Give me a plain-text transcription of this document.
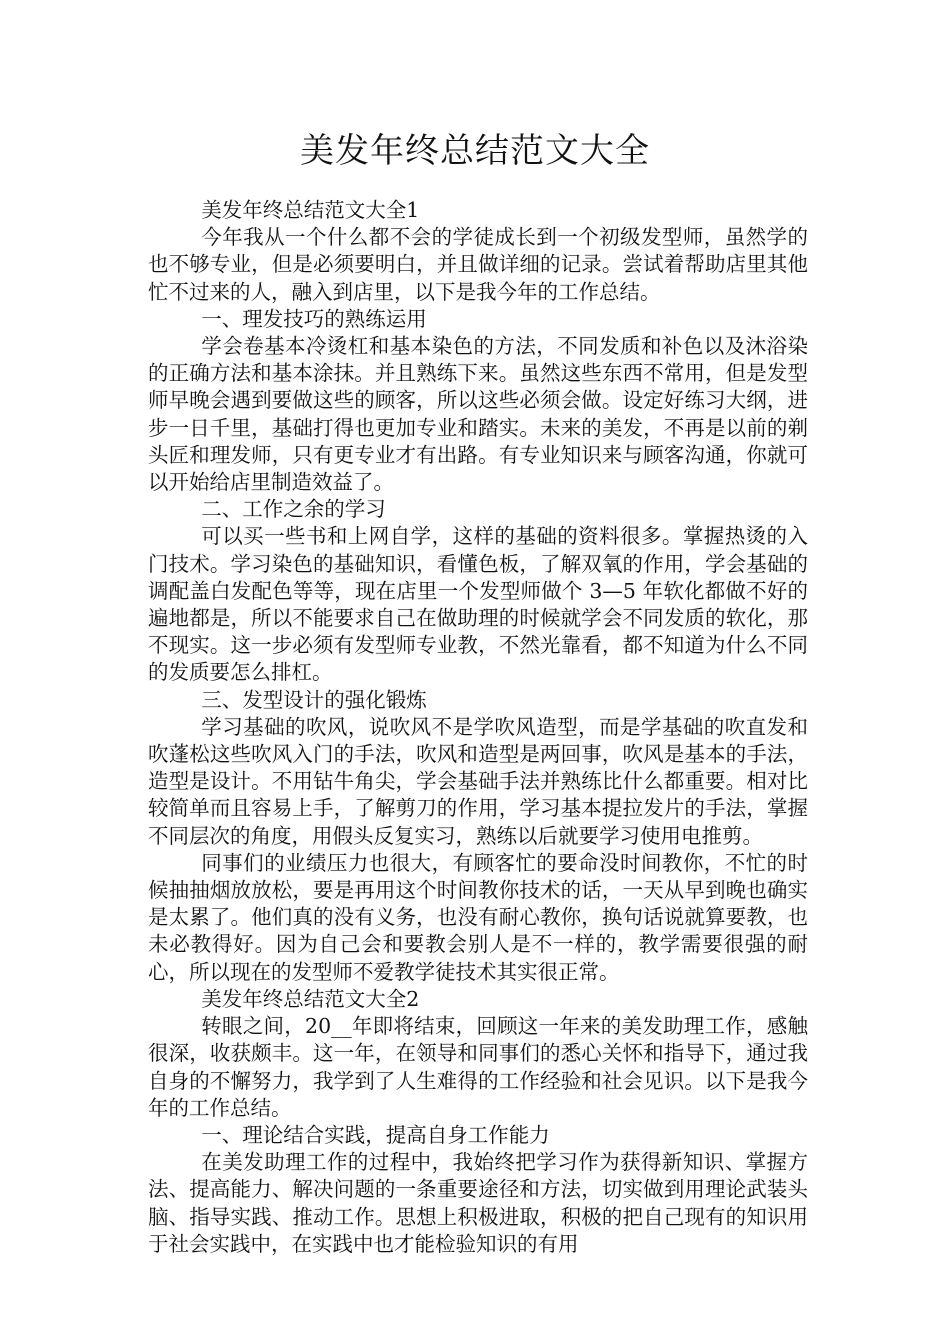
美发年终总结范文大全

美发年终总结范文大全1

今年我从一个什么都不会的学徒成长到一个初级发型师，虽然学的也不够专业，但是必须要明白，并且做详细的记录。尝试着帮助店里其他忙不过来的人，融入到店里，以下是我今年的工作总结。

一、理发技巧的熟练运用

学会卷基本冷烫杠和基本染色的方法，不同发质和补色以及沐浴染的正确方法和基本涂抹。并且熟练下来。虽然这些东西不常用，但是发型师早晚会遇到要做这些的顾客，所以这些必须会做。设定好练习大纲，进步一日千里，基础打得也更加专业和踏实。未来的美发，不再是以前的剃头匠和理发师，只有更专业才有出路。有专业知识来与顾客沟通，你就可以开始给店里制造效益了。

二、工作之余的学习

可以买一些书和上网自学，这样的基础的资料很多。掌握热烫的入门技术。学习染色的基础知识，看懂色板，了解双氧的作用，学会基础的调配盖白发配色等等，现在店里一个发型师做个 3—5 年软化都做不好的遍地都是，所以不能要求自己在做助理的时候就学会不同发质的软化，那不现实。这一步必须有发型师专业教，不然光靠看，都不知道为什么不同的发质要怎么排杠。

三、发型设计的强化锻炼

学习基础的吹风，说吹风不是学吹风造型，而是学基础的吹直发和吹蓬松这些吹风入门的手法，吹风和造型是两回事，吹风是基本的手法，造型是设计。不用钻牛角尖，学会基础手法并熟练比什么都重要。相对比较简单而且容易上手，了解剪刀的作用，学习基本提拉发片的手法，掌握不同层次的角度，用假头反复实习，熟练以后就要学习使用电推剪。

同事们的业绩压力也很大，有顾客忙的要命没时间教你，不忙的时候抽抽烟放放松，要是再用这个时间教你技术的话，一天从早到晚也确实是太累了。他们真的没有义务，也没有耐心教你，换句话说就算要教，也未必教得好。因为自己会和要教会别人是不一样的，教学需要很强的耐心，所以现在的发型师不爱教学徒技术其实很正常。

美发年终总结范文大全2

转眼之间，20__年即将结束，回顾这一年来的美发助理工作，感触很深，收获颇丰。这一年，在领导和同事们的悉心关怀和指导下，通过我自身的不懈努力，我学到了人生难得的工作经验和社会见识。以下是我今年的工作总结。

一、理论结合实践，提高自身工作能力

在美发助理工作的过程中，我始终把学习作为获得新知识、掌握方法、提高能力、解决问题的一条重要途径和方法，切实做到用理论武装头脑、指导实践、推动工作。思想上积极进取，积极的把自己现有的知识用于社会实践中，在实践中也才能检验知识的有用
